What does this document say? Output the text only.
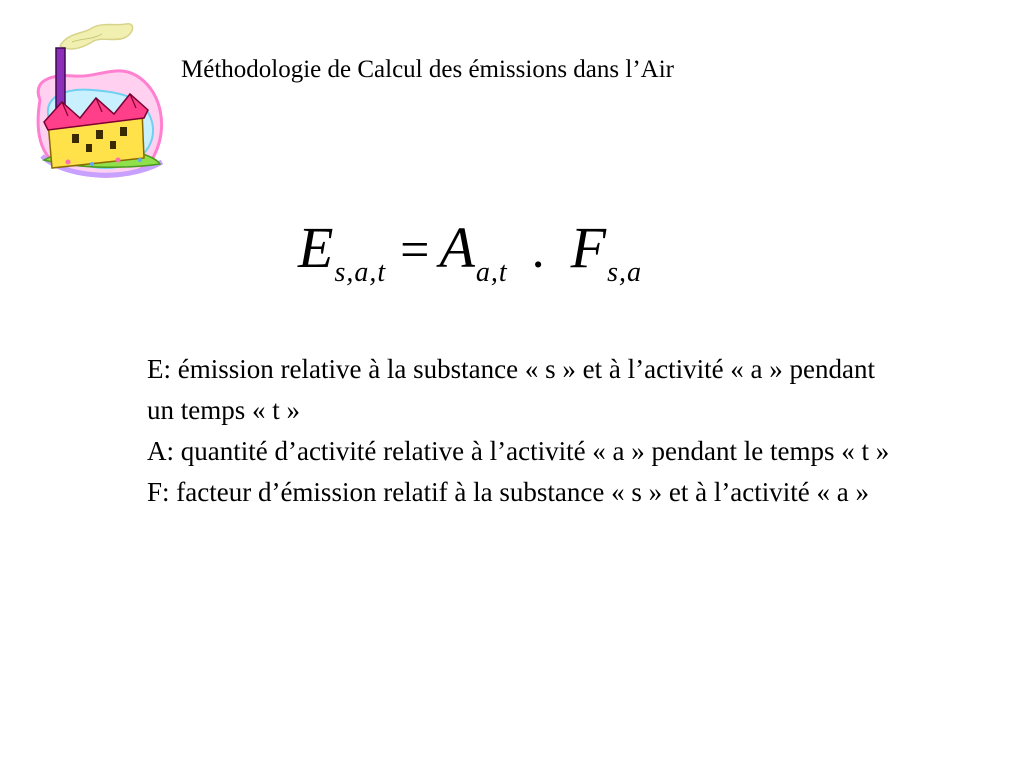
Méthodologie de Calcul des émissions dans l’Air
$E_{s,a,t} = A_{a,t}$ . $F_{s,a}$

E: émission relative à la substance « s » et à l’activité « a » pendant un temps « t »

A: quantité d’activité relative à l’activité « a » pendant le temps « t »

F: facteur d’émission relatif à la substance « s » et à l’activité « a »
